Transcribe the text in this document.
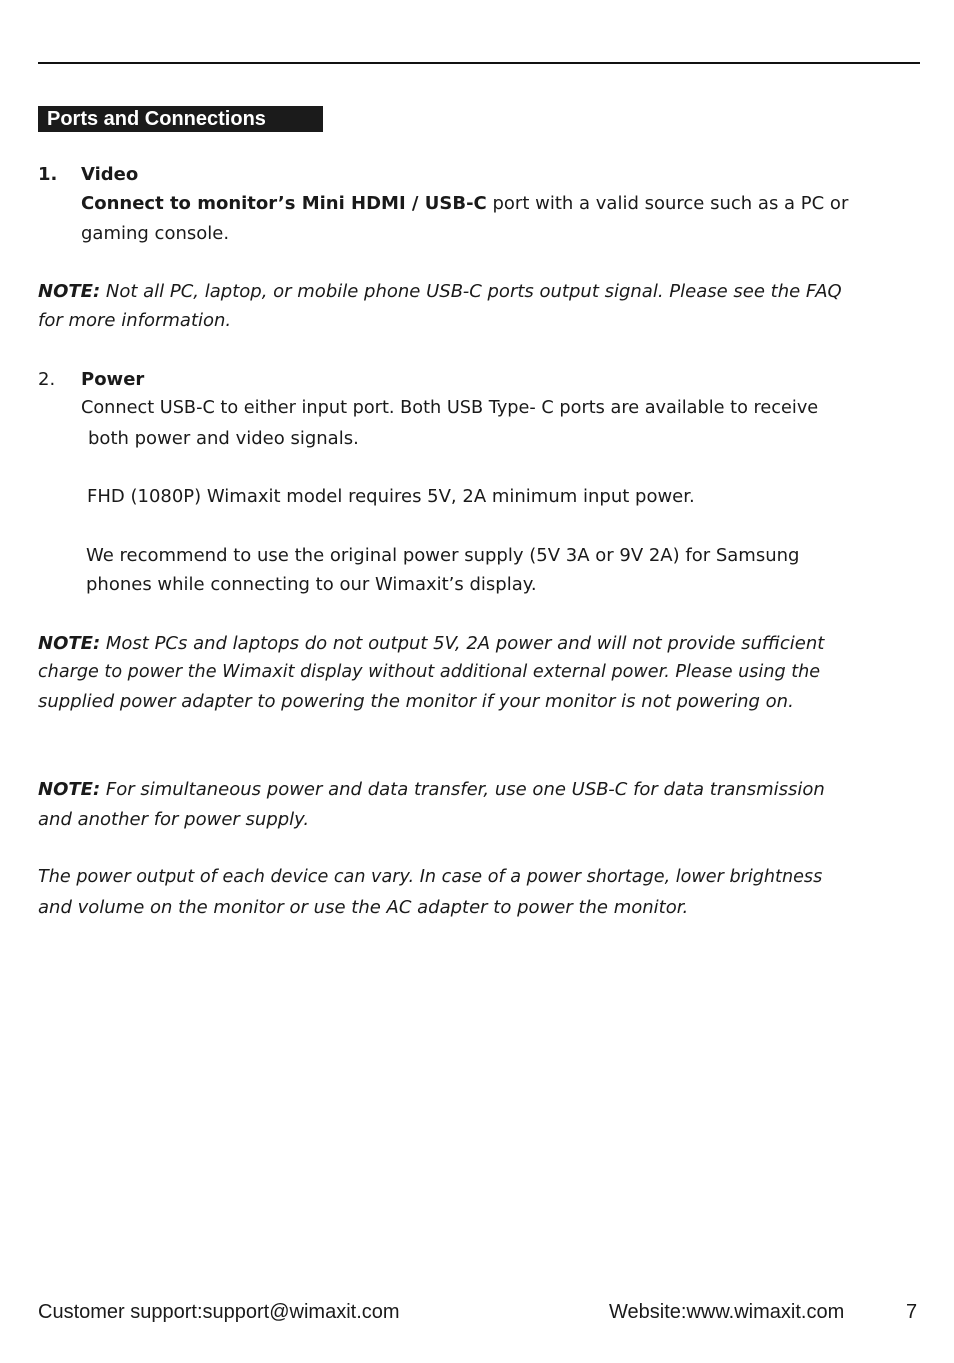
Ports and Connections
1. Video
Connect to monitor’s Mini HDMI / USB-C port with a valid source such as a PC or
gaming console.
NOTE: Not all PC, laptop, or mobile phone USB-C ports output signal. Please see the FAQ
for more information.
2. Power
Connect USB-C to either input port. Both USB Type- C ports are available to receive
both power and video signals.
FHD (1080P) Wimaxit model requires 5V, 2A minimum input power.
We recommend to use the original power supply (5V 3A or 9V 2A) for Samsung
phones while connecting to our Wimaxit’s display.
NOTE: Most PCs and laptops do not output 5V, 2A power and will not provide sufficient
charge to power the Wimaxit display without additional external power. Please using the
supplied power adapter to powering the monitor if your monitor is not powering on.
NOTE: For simultaneous power and data transfer, use one USB-C for data transmission
and another for power supply.
The power output of each device can vary. In case of a power shortage, lower brightness
and volume on the monitor or use the AC adapter to power the monitor.
Customer support:support@wimaxit.com	Website:www.wimaxit.com	7
